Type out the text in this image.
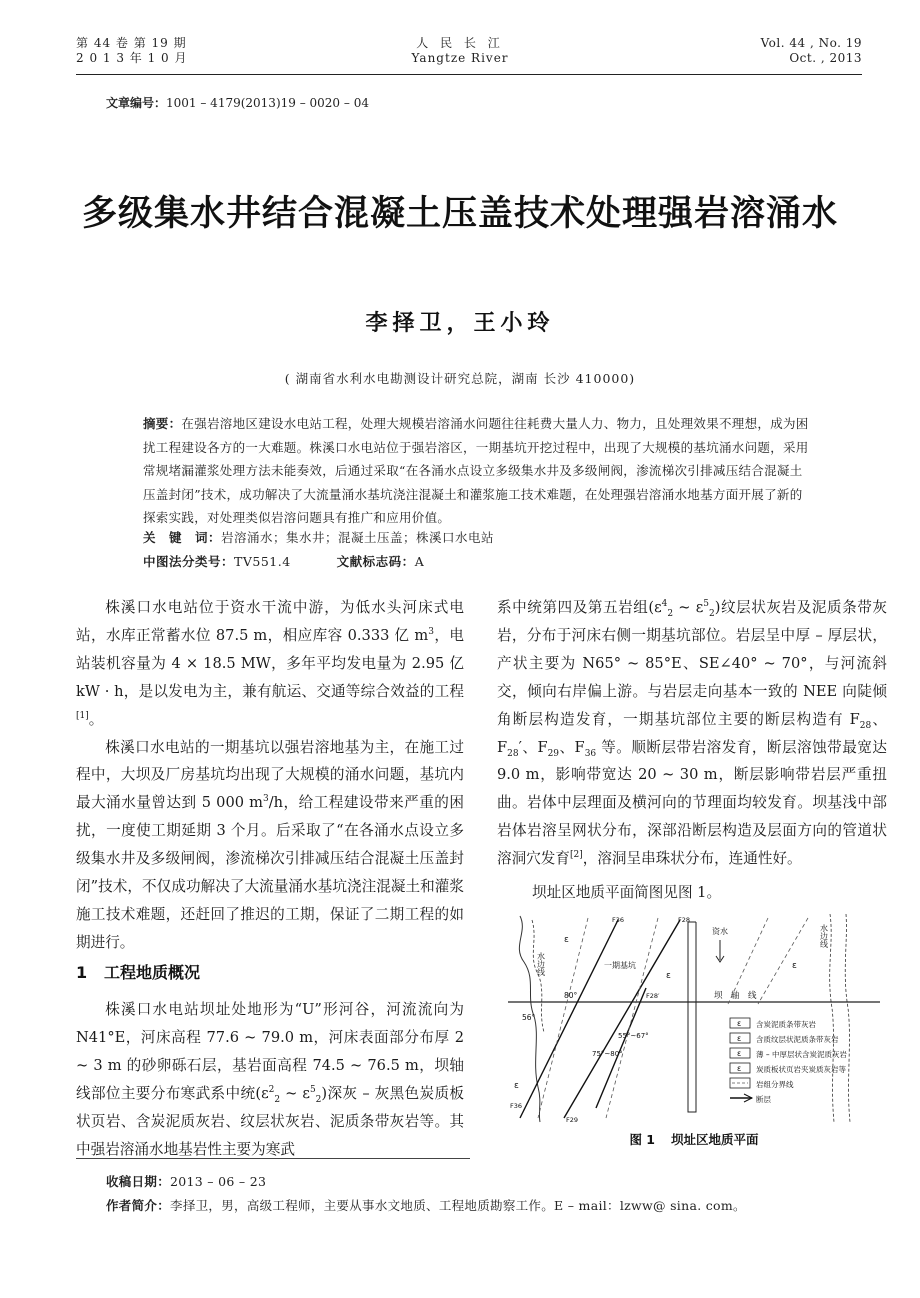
第 44 卷 第 19 期
2 0 1 3 年 1 0 月
人 民 长 江
Yangtze River
Vol. 44 , No. 19
Oct. , 2013
文章编号：1001 – 4179(2013)19 – 0020 – 04
多级集水井结合混凝土压盖技术处理强岩溶涌水
李择卫，王小玲
( 湖南省水利水电勘测设计研究总院，湖南 长沙 410000)
摘要：在强岩溶地区建设水电站工程，处理大规模岩溶涌水问题往往耗费大量人力、物力，且处理效果不理想，成为困扰工程建设各方的一大难题。株溪口水电站位于强岩溶区，一期基坑开挖过程中，出现了大规模的基坑涌水问题，采用常规堵漏灌浆处理方法未能奏效，后通过采取“在各涌水点设立多级集水井及多级闸阀，渗流梯次引排减压结合混凝土压盖封闭”技术，成功解决了大流量涌水基坑浇注混凝土和灌浆施工技术难题，在处理强岩溶涌水地基方面开展了新的探索实践，对处理类似岩溶问题具有推广和应用价值。
关　键　词：岩溶涌水；集水井；混凝土压盖；株溪口水电站
中图法分类号：TV551.4	文献标志码：A

株溪口水电站位于资水干流中游，为低水头河床式电站，水库正常蓄水位 87.5 m，相应库容 0.333 亿 $m^3$，电站装机容量为 4 × 18.5 MW，多年平均发电量为 2.95 亿 kW · h，是以发电为主，兼有航运、交通等综合效益的工程[1]。

株溪口水电站的一期基坑以强岩溶地基为主，在施工过程中，大坝及厂房基坑均出现了大规模的涌水问题，基坑内最大涌水量曾达到 5 000 $m^3/h$，给工程建设带来严重的困扰，一度使工期延期 3 个月。后采取了“在各涌水点设立多级集水井及多级闸阀，渗流梯次引排减压结合混凝土压盖封闭”技术，不仅成功解决了大流量涌水基坑浇注混凝土和灌浆施工技术难题，还赶回了推迟的工期，保证了二期工程的如期进行。

1 工程地质概况

株溪口水电站坝址处地形为“U”形河谷，河流流向为 N41°E，河床高程 77.6 ~ 79.0 m，河床表面部分布厚 2 ~ 3 m 的砂卵砾石层，基岩面高程 74.5 ~ 76.5 m，坝轴线部位主要分布寒武系中统($\varepsilon^2_2$ ~ $\varepsilon^5_2$)深灰 – 灰黑色炭质板状页岩、含炭泥质灰岩、纹层状灰岩、泥质条带灰岩等。其中强岩溶涌水地基岩性主要为寒武

系中统第四及第五岩组($\varepsilon^4_2$ ~ $\varepsilon^5_2$)纹层状灰岩及泥质条带灰岩，分布于河床右侧一期基坑部位。岩层呈中厚 – 厚层状，产状主要为 N65° ~ 85°E、SE∠40° ~ 70°，与河流斜交，倾向右岸偏上游。与岩层走向基本一致的 NEE 向陡倾角断层构造发育，一期基坑部位主要的断层构造有 $F_{28}$、$F_{28}'$、$F_{29}$、$F_{36}$ 等。顺断层带岩溶发育，断层溶蚀带最宽达 9.0 m，影响带宽达 20 ~ 30 m，断层影响带岩层严重扭曲。岩体中层理面及横河向的节理面均较发育。坝基浅中部岩体岩溶呈网状分布，深部沿断层构造及层面方向的管道状溶洞穴发育[2]，溶洞呈串珠状分布，连通性好。

坝址区地质平面简图见图 1。
水边线
水边线
一期基坑
坝　轴　线
资水
F36	F28
F28′
F29
F36
ε
ε
ε
ε
80°
56°
55°~67°
75°~80°
ε 含炭泥质条带灰岩
ε 含质纹层状泥质条带灰岩
ε 薄 – 中厚层状含炭泥质灰岩
ε 炭质板状页岩夹炭质灰岩等
岩组分界线
断层
图 1 坝址区地质平面
收稿日期：2013 – 06 – 23
作者简介：李择卫，男，高级工程师，主要从事水文地质、工程地质勘察工作。E – mail：lzww@ sina. com。
